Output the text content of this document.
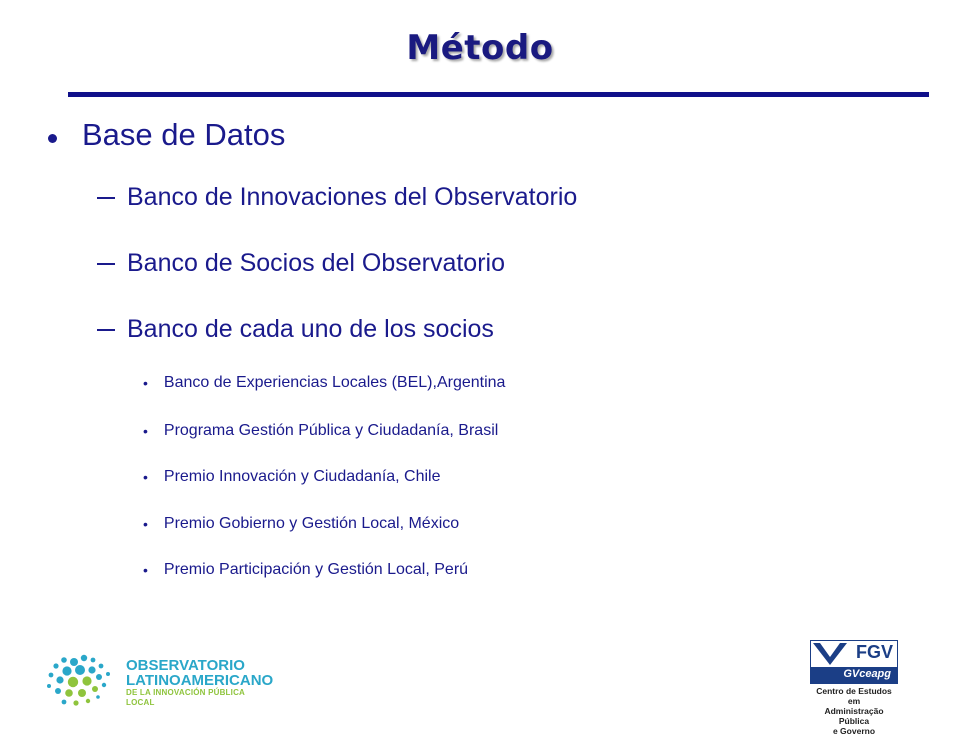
Método
Base de Datos
Banco de Innovaciones del Observatorio
Banco de Socios del Observatorio
Banco de cada uno de los socios
• Banco de Experiencias Locales (BEL),Argentina
• Programa Gestión Pública y Ciudadanía, Brasil
• Premio Innovación y Ciudadanía, Chile
• Premio Gobierno y Gestión Local, México
• Premio Participación y Gestión Local, Perú
OBSERVATORIO
LATINOAMERICANO
DE LA INNOVACIÓN PÚBLICA LOCAL
FGV
GVceapg
Centro de Estudos em
Administração Pública
e Governo
